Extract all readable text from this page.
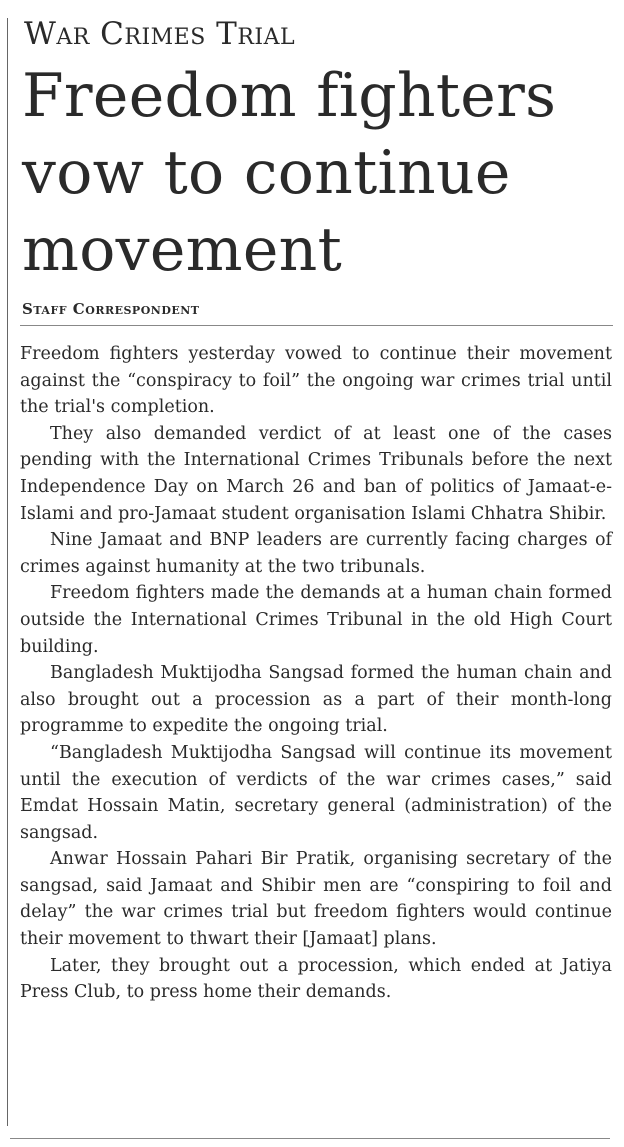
War Crimes Trial
Freedom fighters vow to continue movement
Staff Correspondent

Freedom fighters yesterday vowed to continue their movement against the “conspiracy to foil” the ongoing war crimes trial until the trial's completion.

They also demanded verdict of at least one of the cases pending with the International Crimes Tribunals before the next Independence Day on March 26 and ban of politics of Jamaat-e-Islami and pro-Jamaat student organisation Islami Chhatra Shibir.

Nine Jamaat and BNP leaders are currently facing charges of crimes against humanity at the two tribunals.

Freedom fighters made the demands at a human chain formed outside the International Crimes Tribunal in the old High Court building.

Bangladesh Muktijodha Sangsad formed the human chain and also brought out a procession as a part of their month-long programme to expedite the ongoing trial.

“Bangladesh Muktijodha Sangsad will continue its movement until the execution of verdicts of the war crimes cases,” said Emdat Hossain Matin, secretary general (administration) of the sangsad.

Anwar Hossain Pahari Bir Pratik, organising secretary of the sangsad, said Jamaat and Shibir men are “conspiring to foil and delay” the war crimes trial but freedom fighters would continue their movement to thwart their [Jamaat] plans.

Later, they brought out a procession, which ended at Jatiya Press Club, to press home their demands.
